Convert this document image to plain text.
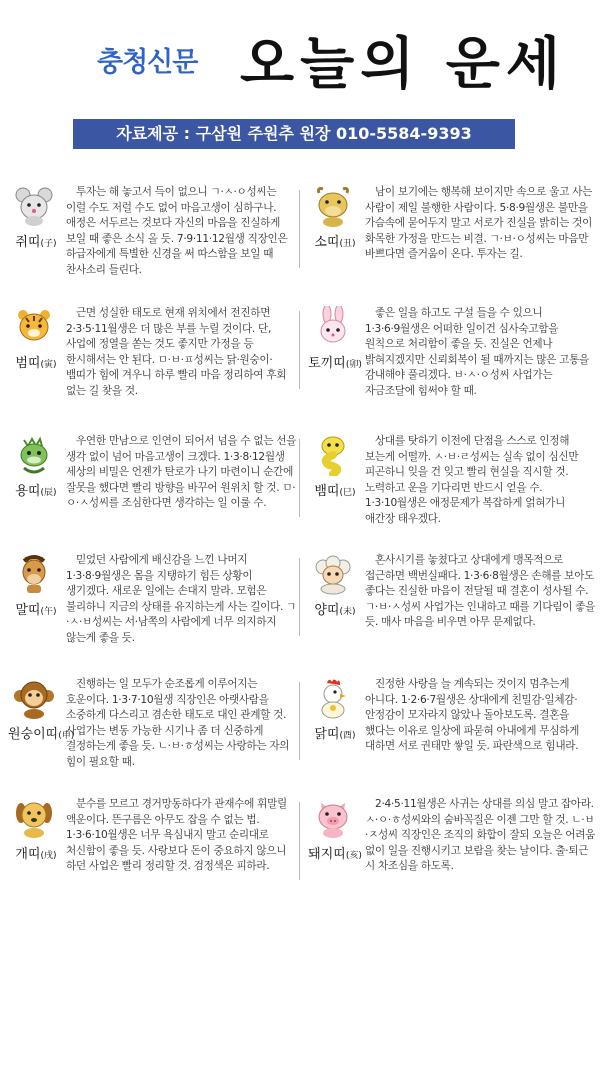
충청신문 오늘의 운세
자료제공 : 구삼원 주원추 원장 010-5584-9393
쥐띠(子)
투자는 해 놓고서 득이 없으니 ㄱ·ㅅ·ㅇ성씨는 이럴 수도 저럴 수도 없어 마음고생이 심하구나. 애정은 서두르는 것보다 자신의 마음을 진실하게 보일 때 좋은 소식 올 듯. 7·9·11·12월생 직장인은 하급자에게 특별한 신경을 써 따스함을 보일 때 찬사소리 들린다.
소띠(丑)
남이 보기에는 행복해 보이지만 속으로 울고 사는 사람이 제일 불행한 사람이다. 5·8·9월생은 불만을 가슴속에 묻어두지 말고 서로가 진실을 밝히는 것이 화목한 가정을 만드는 비결. ㄱ·ㅂ·ㅇ성씨는 마음만 바쁘다면 즐거움이 온다. 투자는 길.
범띠(寅)
근면 성실한 태도로 현재 위치에서 전진하면 2·3·5·11월생은 더 많은 부를 누릴 것이다. 단, 사업에 정열을 쏟는 것도 좋지만 가정을 등 한시해서는 안 된다. ㅁ·ㅂ·ㅍ성씨는 닭·원숭이·뱀띠가 힘에 겨우니 하루 빨리 마음 정리하여 후회 없는 길 찾을 것.
토끼띠(卯)
좋은 일을 하고도 구설 들을 수 있으니 1·3·6·9월생은 어떠한 일이건 심사숙고함을 원칙으로 처리함이 좋을 듯. 진실은 언제나 밝혀지겠지만 신뢰회복이 될 때까지는 많은 고통을 감내해야 풀리겠다. ㅂ·ㅅ·ㅇ성씨 사업가는 자금조달에 힘써야 할 때.
용띠(辰)
우연한 만남으로 인연이 되어서 넘을 수 없는 선을 생각 없이 넘어 마음고생이 크겠다. 1·3·8·12월생 세상의 비밀은 언젠가 탄로가 나기 마련이니 순간에 잘못을 했다면 빨리 방향을 바꾸어 원위치 할 것. ㅁ·ㅇ·ㅅ성씨를 조심한다면 생각하는 일 이룰 수.
뱀띠(巳)
상대를 탓하기 이전에 단점을 스스로 인정해 보는게 어떨까. ㅅ·ㅂ·ㄹ성씨는 실속 없이 심신만 피곤하니 잊을 건 잊고 빨리 현실을 직시할 것. 노력하고 운을 기다리면 반드시 얻을 수. 1·3·10월생은 애정문제가 복잡하게 얽혀가니 애간장 태우겠다.
말띠(午)
믿었던 사람에게 배신감을 느낀 나머지 1·3·8·9월생은 몸을 지탱하기 힘든 상황이 생기겠다. 새로운 일에는 손대지 말라. 모험은 불리하니 지금의 상태를 유지하는게 사는 길이다. ㄱ·ㅅ·ㅂ성씨는 서·남쪽의 사람에게 너무 의지하지 않는게 좋을 듯.
양띠(未)
혼사시기를 놓쳤다고 상대에게 맹목적으로 접근하면 백번실패다. 1·3·6·8월생은 손해를 보아도 좋다는 진실한 마음이 전달될 때 결혼이 성사될 수. ㄱ·ㅂ·ㅅ성씨 사업가는 인내하고 때를 기다림이 좋을 듯. 매사 마음을 비우면 아무 문제없다.
원숭이띠(申)
진행하는 일 모두가 순조롭게 이루어지는 호운이다. 1·3·7·10월생 직장인은 아랫사람을 소중하게 다스리고 겸손한 태도로 대인 관계할 것. 사업가는 변동 가능한 시기나 좀 더 신중하게 결정하는게 좋을 듯. ㄴ·ㅂ·ㅎ성씨는 사랑하는 자의 힘이 필요할 때.
닭띠(酉)
진정한 사랑을 늘 계속되는 것이지 멈추는게 아니다. 1·2·6·7월생은 상대에게 친밀감·일체감·안정감이 모자라지 않았나 돌아보도록. 결혼을 했다는 이유로 일상에 파묻혀 아내에게 무심하게 대하면 서로 권태만 쌓일 듯. 파란색으로 힘내라.
개띠(戌)
분수를 모르고 경거망동하다가 관재수에 휘말릴 액운이다. 뜬구름은 아무도 잡을 수 없는 법. 1·3·6·10월생은 너무 욕심내지 말고 순리대로 처신함이 좋을 듯. 사랑보다 돈이 중요하지 않으니 하던 사업은 빨리 정리할 것. 검정색은 피하라.
돼지띠(亥)
2·4·5·11월생은 사귀는 상대를 의심 말고 잡아라. ㅅ·ㅇ·ㅎ성씨와의 숨바꼭질은 이젠 그만 할 것. ㄴ·ㅂ·ㅈ성씨 직장인은 조직의 화합이 잘되 오늘은 어려움 없이 일을 진행시키고 보람을 찾는 날이다. 출·퇴근 시 차조심을 하도록.
